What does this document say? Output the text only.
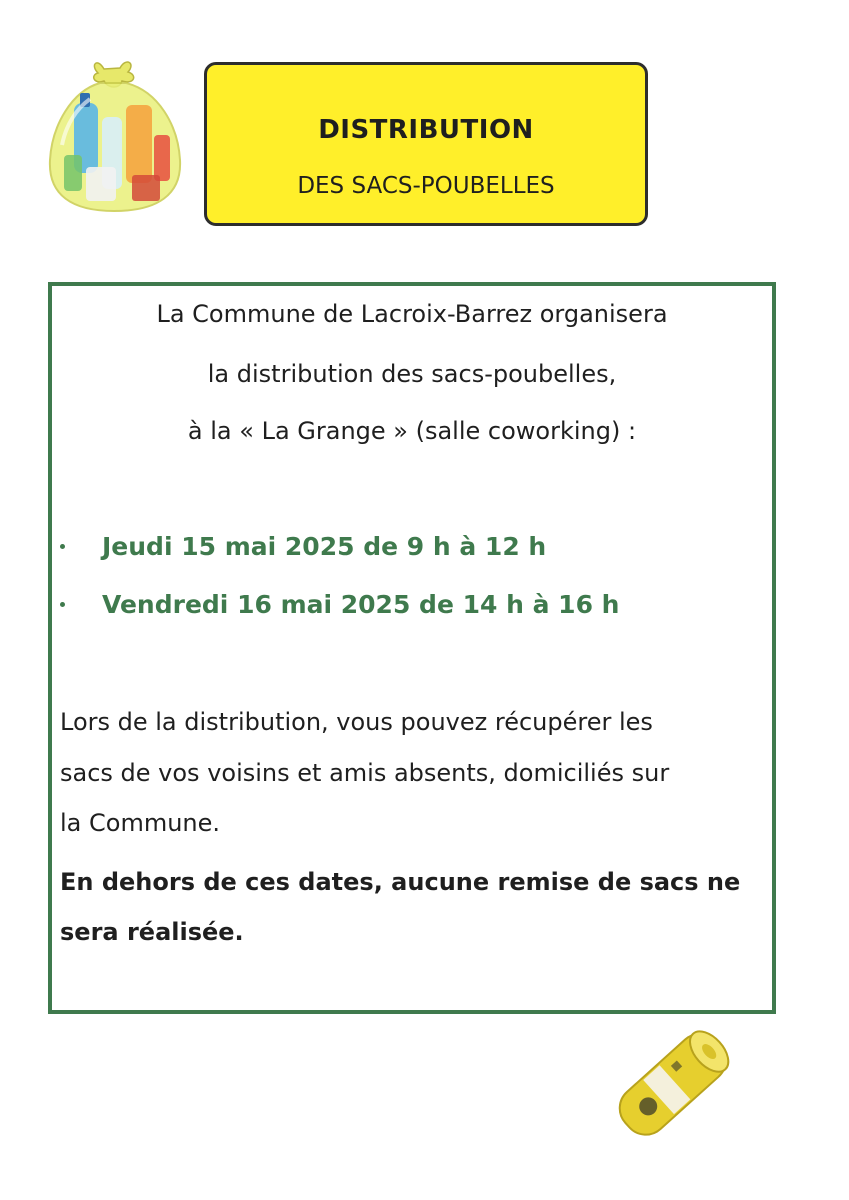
DISTRIBUTION
DES SACS-POUBELLES

La Commune de Lacroix-Barrez organisera

la distribution des sacs-poubelles,

à la « La Grange » (salle coworking) :

Jeudi 15 mai 2025 de 9 h à 12 h
Vendredi 16 mai 2025 de 14 h à 16 h

Lors de la distribution, vous pouvez récupérer les

sacs de vos voisins et amis absents, domiciliés sur

la Commune.

En dehors de ces dates, aucune remise de sacs ne

sera réalisée.
